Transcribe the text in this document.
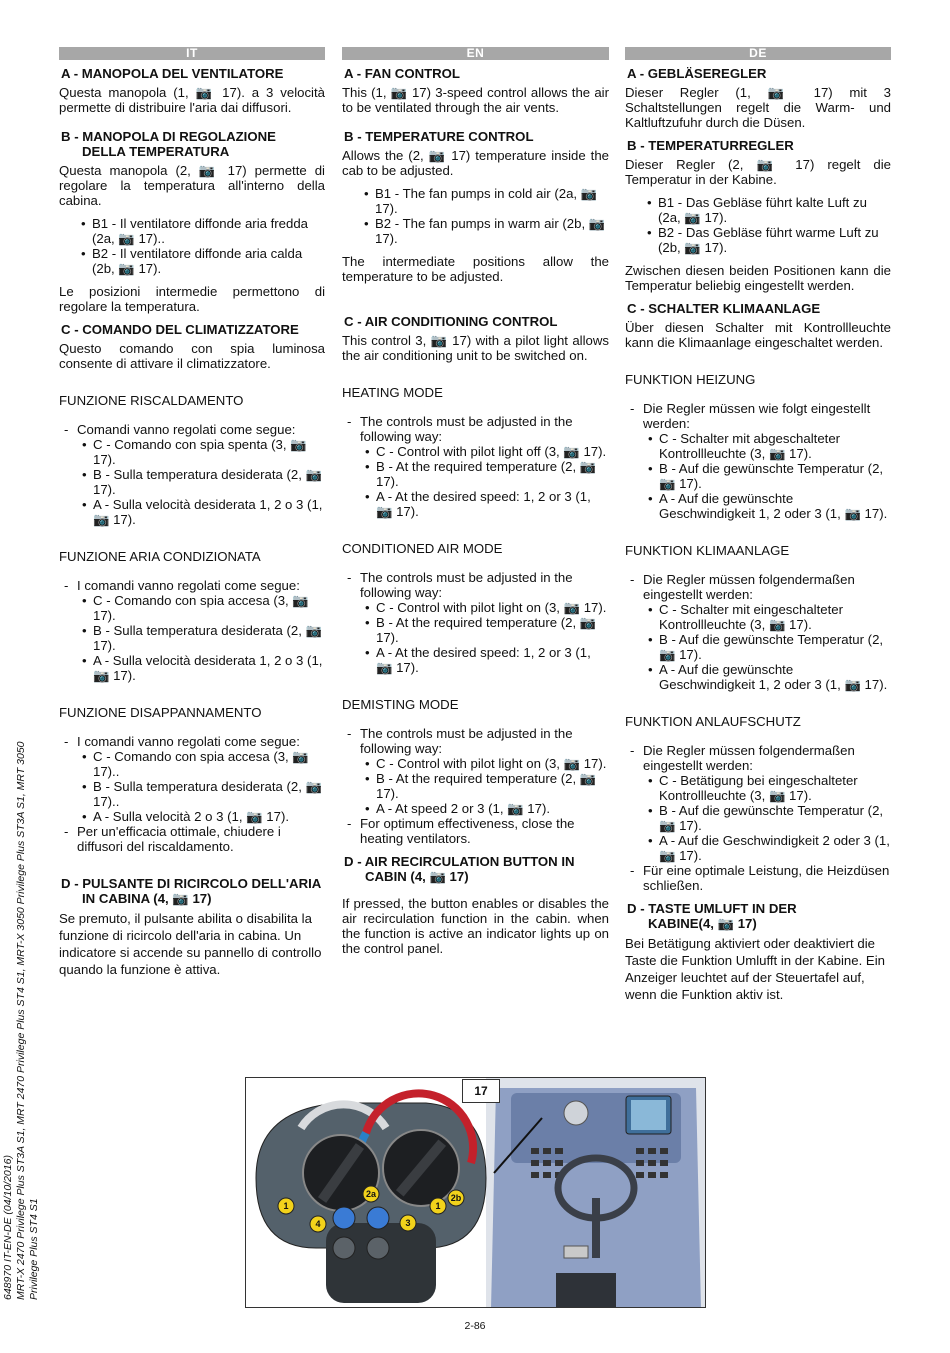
648970 IT-EN-DE (04/10/2016) MRT-X 2470 Privilege Plus ST3A S1, MRT 2470 Privilege Plus ST4 S1, MRT-X 3050 Privilege Plus ST3A S1, MRT 3050 Privilege Plus ST4 S1
IT
A - MANOPOLA DEL VENTILATORE

Questa manopola (1, 📷 17). a 3 velocità permette di distribuire l'aria dai diffusori.

B - MANOPOLA DI REGOLAZIONE
DELLA TEMPERATURA

Questa manopola (2, 📷 17) permette di regolare la temperatura all'interno della cabina.

• B1 - Il ventilatore diffonde aria fredda (2a, 📷 17)..
• B2 - Il ventilatore diffonde aria calda (2b, 📷 17).

Le posizioni intermedie permettono di regolare la temperatura.

C - COMANDO DEL CLIMATIZZATORE

Questo comando con spia luminosa consente di attivare il climatizzatore.

FUNZIONE RISCALDAMENTO

- Comandi vanno regolati come segue:
• C - Comando con spia spenta (3, 📷 17).
• B - Sulla temperatura desiderata (2, 📷 17).
• A - Sulla velocità desiderata 1, 2 o 3 (1, 📷 17).

FUNZIONE ARIA CONDIZIONATA

- I comandi vanno regolati come segue:
• C - Comando con spia accesa (3, 📷 17).
• B - Sulla temperatura desiderata (2, 📷 17).
• A - Sulla velocità desiderata 1, 2 o 3 (1, 📷 17).

FUNZIONE DISAPPANNAMENTO

- I comandi vanno regolati come segue:
• C - Comando con spia accesa (3, 📷 17)..
• B - Sulla temperatura desiderata (2, 📷 17)..
• A - Sulla velocità 2 o 3 (1, 📷 17).
- Per un'efficacia ottimale, chiudere i diffusori del riscaldamento.
D - PULSANTE DI RICIRCOLO DELL'ARIA
IN CABINA (4, 📷 17)

Se premuto, il pulsante abilita o disabilita la funzione di ricircolo dell'aria in cabina. Un indicatore si accende su pannello di controllo quando la funzione è attiva.

EN
A - FAN CONTROL

This (1, 📷 17) 3-speed control allows the air to be ventilated through the air vents.

B - TEMPERATURE CONTROL

Allows the (2, 📷 17) temperature inside the cab to be adjusted.

• B1 - The fan pumps in cold air (2a, 📷 17).
• B2 - The fan pumps in warm air (2b, 📷 17).

The intermediate positions allow the temperature to be adjusted.

C - AIR CONDITIONING CONTROL

This control 3, 📷 17) with a pilot light allows the air conditioning unit to be switched on.

HEATING MODE

- The controls must be adjusted in the following way:
• C - Control with pilot light off (3, 📷 17).
• B - At the required temperature (2, 📷 17).
• A - At the desired speed: 1, 2 or 3 (1, 📷 17).

CONDITIONED AIR MODE

- The controls must be adjusted in the following way:
• C - Control with pilot light on (3, 📷 17).
• B - At the required temperature (2, 📷 17).
• A - At the desired speed: 1, 2 or 3 (1, 📷 17).

DEMISTING MODE

- The controls must be adjusted in the following way:
• C - Control with pilot light on (3, 📷 17).
• B - At the required temperature (2, 📷 17).
• A - At speed 2 or 3 (1, 📷 17).
- For optimum effectiveness, close the heating ventilators.
D - AIR RECIRCULATION BUTTON IN
CABIN (4, 📷 17)

If pressed, the button enables or disables the air recirculation function in the cabin. when the function is active an indicator lights up on the control panel.

DE
A - GEBLÄSEREGLER

Dieser Regler (1, 📷 17) mit 3 Schaltstellungen regelt die Warm- und Kaltluftzufuhr durch die Düsen.

B - TEMPERATURREGLER

Dieser Regler (2, 📷 17) regelt die Temperatur in der Kabine.

• B1 - Das Gebläse führt kalte Luft zu (2a, 📷 17).
• B2 - Das Gebläse führt warme Luft zu (2b, 📷 17).

Zwischen diesen beiden Positionen kann die Temperatur beliebig eingestellt werden.

C - SCHALTER KLIMAANLAGE

Über diesen Schalter mit Kontrollleuchte kann die Klimaanlage eingeschaltet werden.

FUNKTION HEIZUNG

- Die Regler müssen wie folgt eingestellt werden:
• C - Schalter mit abgeschalteter Kontrollleuchte (3, 📷 17).
• B - Auf die gewünschte Temperatur (2, 📷 17).
• A - Auf die gewünschte Geschwindigkeit 1, 2 oder 3 (1, 📷 17).

FUNKTION KLIMAANLAGE

- Die Regler müssen folgendermaßen eingestellt werden:
• C - Schalter mit eingeschalteter Kontrollleuchte (3, 📷 17).
• B - Auf die gewünschte Temperatur (2, 📷 17).
• A - Auf die gewünschte Geschwindigkeit 1, 2 oder 3 (1, 📷 17).

FUNKTION ANLAUFSCHUTZ

- Die Regler müssen folgendermaßen eingestellt werden:
• C - Betätigung bei eingeschalteter Kontrollleuchte (3, 📷 17).
• B - Auf die gewünschte Temperatur (2, 📷 17).
• A - Auf die Geschwindigkeit 2 oder 3 (1, 📷 17).
- Für eine optimale Leistung, die Heizdüsen schließen.
D - TASTE UMLUFT IN DER
KABINE(4, 📷 17)

Bei Betätigung aktiviert oder deaktiviert die Taste die Funktion Umlufft in der Kabine. Ein Anzeiger leuchtet auf der Steuertafel auf, wenn die Funktion aktiv ist.

1
2a	2b
3
4
1
17
2-86
